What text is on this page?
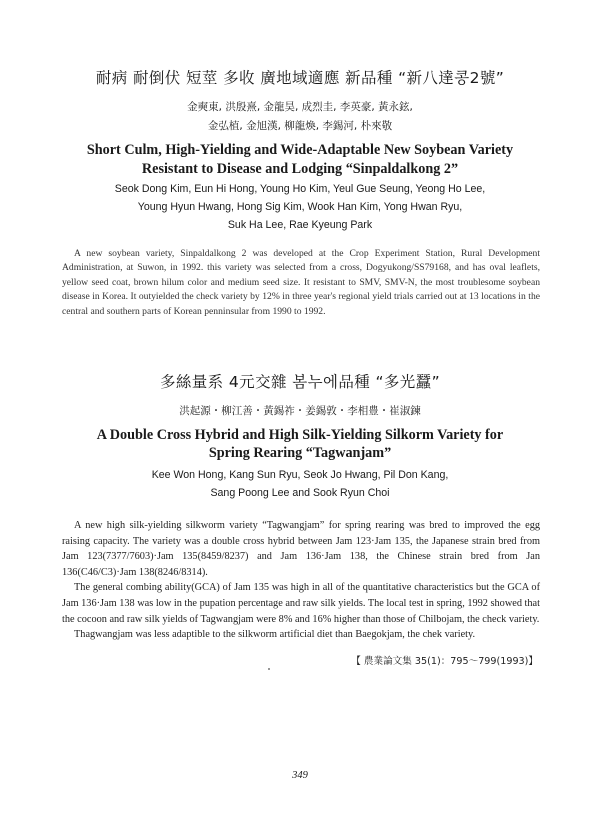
耐病 耐倒伏 短莖 多收 廣地域適應 新品種 “新八達콩2號”
金奭東, 洪殷熹, 金龍昊, 成烈圭, 李英豪, 黃永鉉,
金弘植, 金旭漢, 柳龍煥, 李錫河, 朴來敬
Short Culm, High-Yielding and Wide-Adaptable New Soybean Variety
Resistant to Disease and Lodging “Sinpaldalkong 2”
Seok Dong Kim, Eun Hi Hong, Young Ho Kim, Yeul Gue Seung, Yeong Ho Lee,
Young Hyun Hwang, Hong Sig Kim, Wook Han Kim, Yong Hwan Ryu,
Suk Ha Lee, Rae Kyeung Park

A new soybean variety, Sinpaldalkong 2 was developed at the Crop Experiment Station, Rural Development Administration, at Suwon, in 1992. this variety was selected from a cross, Dogyukong/SS79168, and has oval leaflets, yellow seed coat, brown hilum color and medium seed size. It resistant to SMV, SMV-N, the most troublesome soybean disease in Korea. It outyielded the check variety by 12% in three year's regional yield trials carried out at 13 locations in the central and southern parts of Korean penninsular from 1990 to 1992.

多絲量系 4元交雜 봄누에品種 “多光蠶”
洪起源・柳江善・黃錫祚・姜錫敦・李相豊・崔淑鍊
A Double Cross Hybrid and High Silk-Yielding Silkorm Variety for
Spring Rearing “Tagwanjam”
Kee Won Hong, Kang Sun Ryu, Seok Jo Hwang, Pil Don Kang,
Sang Poong Lee and Sook Ryun Choi

A new high silk-yielding silkworm variety “Tagwangjam” for spring rearing was bred to improved the egg raising capacity. The variety was a double cross hybrid between Jam 123·Jam 135, the Japanese strain bred from Jam 123(7377/7603)·Jam 135(8459/8237) and Jam 136·Jam 138, the Chinese strain bred from Jan 136(C46/C3)·Jam 138(8246/8314).

The general combing ability(GCA) of Jam 135 was high in all of the quantitative characteristics but the GCA of Jam 136·Jam 138 was low in the pupation percentage and raw silk yields. The local test in spring, 1992 showed that the cocoon and raw silk yields of Tagwangjam were 8% and 16% higher than those of Chilbojam, the check variety.

Thagwangjam was less adaptible to the silkworm artificial diet than Baegokjam, the chek variety.

【 農業論文集 35(1)：795～799(1993)】
349
